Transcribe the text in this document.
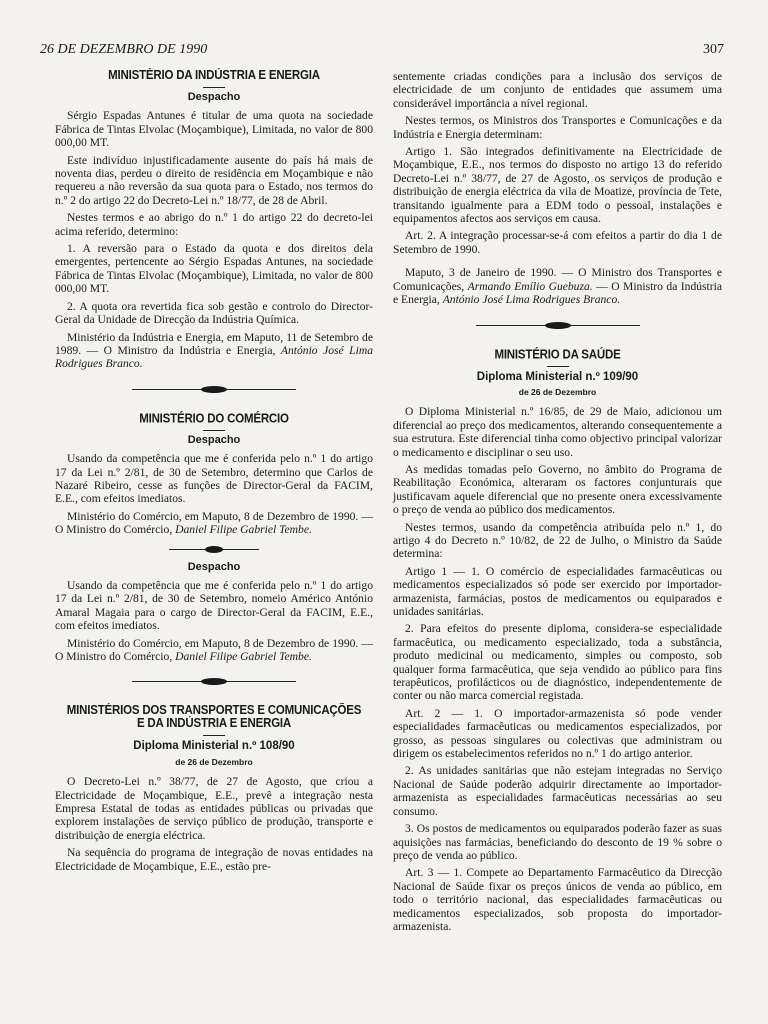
26 DE DEZEMBRO DE 1990	307
MINISTÉRIO DA INDÚSTRIA E ENERGIA
Despacho

Sérgio Espadas Antunes é titular de uma quota na sociedade Fábrica de Tintas Elvolac (Moçambique), Limitada, no valor de 800 000,00 MT.

Este indivíduo injustificadamente ausente do país há mais de noventa dias, perdeu o direito de residência em Moçambique e não requereu a não reversão da sua quota para o Estado, nos termos do n.º 2 do artigo 22 do Decreto-Lei n.º 18/77, de 28 de Abril.

Nestes termos e ao abrigo do n.º 1 do artigo 22 do decreto-lei acima referido, determino:

1. A reversão para o Estado da quota e dos direitos dela emergentes, pertencente ao Sérgio Espadas Antunes, na sociedade Fábrica de Tintas Elvolac (Moçambique), Limitada, no valor de 800 000,00 MT.

2. A quota ora revertida fica sob gestão e controlo do Director-Geral da Unidade de Direcção da Indústria Química.

Ministério da Indústria e Energia, em Maputo, 11 de Setembro de 1989. — O Ministro da Indústria e Energia, António José Lima Rodrigues Branco.

MINISTÉRIO DO COMÉRCIO
Despacho

Usando da competência que me é conferida pelo n.º 1 do artigo 17 da Lei n.º 2/81, de 30 de Setembro, determino que Carlos de Nazaré Ribeiro, cesse as funções de Director-Geral da FACIM, E.E., com efeitos imediatos.

Ministério do Comércio, em Maputo, 8 de Dezembro de 1990. — O Ministro do Comércio, Daniel Filipe Gabriel Tembe.

Despacho

Usando da competência que me é conferida pelo n.º 1 do artigo 17 da Lei n.º 2/81, de 30 de Setembro, nomeio Américo António Amaral Magaia para o cargo de Director-Geral da FACIM, E.E., com efeitos imediatos.

Ministério do Comércio, em Maputo, 8 de Dezembro de 1990. — O Ministro do Comércio, Daniel Filipe Gabriel Tembe.

MINISTÉRIOS DOS TRANSPORTES E COMUNICAÇÕES
E DA INDÚSTRIA E ENERGIA
Diploma Ministerial n.º 108/90
de 26 de Dezembro

O Decreto-Lei n.º 38/77, de 27 de Agosto, que criou a Electricidade de Moçambique, E.E., prevê a integração nesta Empresa Estatal de todas as entidades públicas ou privadas que explorem instalações de serviço público de produção, transporte e distribuição de energia eléctrica.

Na sequência do programa de integração de novas entidades na Electricidade de Moçambique, E.E., estão pre-

sentemente criadas condições para a inclusão dos serviços de electricidade de um conjunto de entidades que assumem uma considerável importância a nível regional.

Nestes termos, os Ministros dos Transportes e Comunicações e da Indústria e Energia determinam:

Artigo 1. São integrados definitivamente na Electricidade de Moçambique, E.E., nos termos do disposto no artigo 13 do referido Decreto-Lei n.º 38/77, de 27 de Agosto, os serviços de produção e distribuição de energia eléctrica da vila de Moatize, província de Tete, transitando igualmente para a EDM todo o pessoal, instalações e equipamentos afectos aos serviços em causa.

Art. 2. A integração processar-se-á com efeitos a partir do dia 1 de Setembro de 1990.

Maputo, 3 de Janeiro de 1990. — O Ministro dos Transportes e Comunicações, Armando Emílio Guebuza. — O Ministro da Indústria e Energia, António José Lima Rodrigues Branco.

MINISTÉRIO DA SAÚDE
Diploma Ministerial n.º 109/90
de 26 de Dezembro

O Diploma Ministerial n.º 16/85, de 29 de Maio, adicionou um diferencial ao preço dos medicamentos, alterando consequentemente a sua estrutura. Este diferencial tinha como objectivo principal valorizar o medicamento e disciplinar o seu uso.

As medidas tomadas pelo Governo, no âmbito do Programa de Reabilitação Económica, alteraram os factores conjunturais que justificavam aquele diferencial que no presente onera excessivamente o preço de venda ao público dos medicamentos.

Nestes termos, usando da competência atribuída pelo n.º 1, do artigo 4 do Decreto n.º 10/82, de 22 de Julho, o Ministro da Saúde determina:

Artigo 1 — 1. O comércio de especialidades farmacêuticas ou medicamentos especializados só pode ser exercido por importador-armazenista, farmácias, postos de medicamentos ou equiparados e unidades sanitárias.

2. Para efeitos do presente diploma, considera-se especialidade farmacêutica, ou medicamento especializado, toda a substância, produto medicinal ou medicamento, simples ou composto, sob qualquer forma farmacêutica, que seja vendido ao público para fins terapêuticos, profilácticos ou de diagnóstico, independentemente de conter ou não marca comercial registada.

Art. 2 — 1. O importador-armazenista só pode vender especialidades farmacêuticas ou medicamentos especializados, por grosso, as pessoas singulares ou colectivas que administram ou dirigem os estabelecimentos referidos no n.º 1 do artigo anterior.

2. As unidades sanitárias que não estejam integradas no Serviço Nacional de Saúde poderão adquirir directamente ao importador-armazenista as especialidades farmacêuticas necessárias ao seu consumo.

3. Os postos de medicamentos ou equiparados poderão fazer as suas aquisições nas farmácias, beneficiando do desconto de 19 % sobre o preço de venda ao público.

Art. 3 — 1. Compete ao Departamento Farmacêutico da Direcção Nacional de Saúde fixar os preços únicos de venda ao público, em todo o território nacional, das especialidades farmacêuticas ou medicamentos especializados, sob proposta do importador-armazenista.
